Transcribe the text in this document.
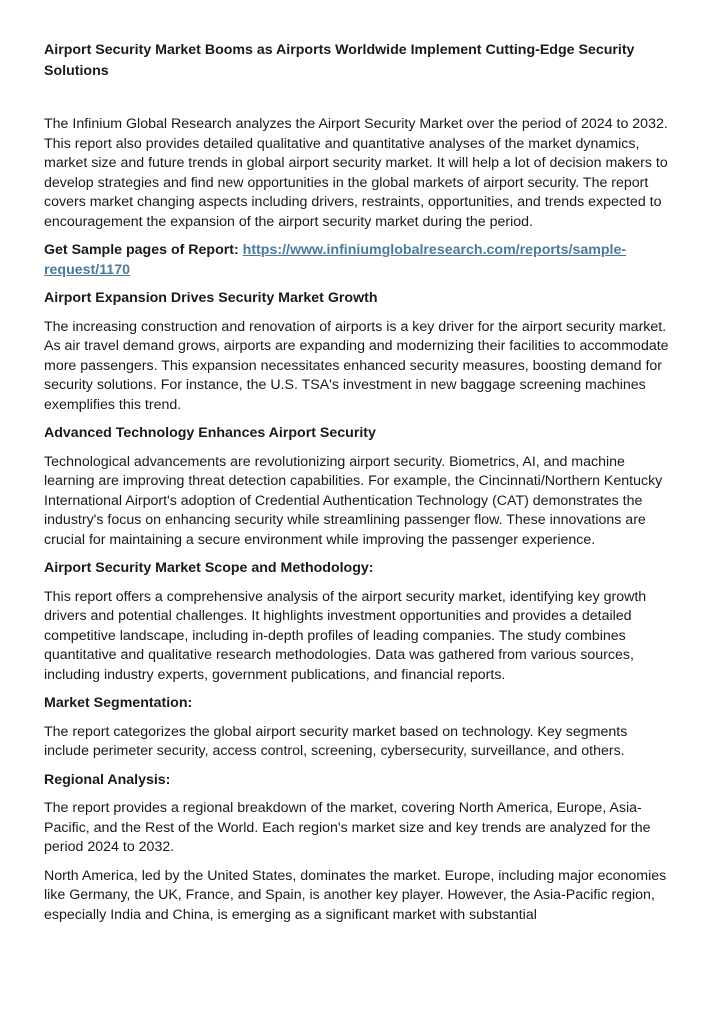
Airport Security Market Booms as Airports Worldwide Implement Cutting-Edge Security Solutions

The Infinium Global Research analyzes the Airport Security Market over the period of 2024 to 2032. This report also provides detailed qualitative and quantitative analyses of the market dynamics, market size and future trends in global airport security market. It will help a lot of decision makers to develop strategies and find new opportunities in the global markets of airport security. The report covers market changing aspects including drivers, restraints, opportunities, and trends expected to encouragement the expansion of the airport security market during the period.

Get Sample pages of Report: https://www.infiniumglobalresearch.com/reports/sample-request/1170

Airport Expansion Drives Security Market Growth

The increasing construction and renovation of airports is a key driver for the airport security market. As air travel demand grows, airports are expanding and modernizing their facilities to accommodate more passengers. This expansion necessitates enhanced security measures, boosting demand for security solutions. For instance, the U.S. TSA's investment in new baggage screening machines exemplifies this trend.

Advanced Technology Enhances Airport Security

Technological advancements are revolutionizing airport security. Biometrics, AI, and machine learning are improving threat detection capabilities. For example, the Cincinnati/Northern Kentucky International Airport's adoption of Credential Authentication Technology (CAT) demonstrates the industry's focus on enhancing security while streamlining passenger flow. These innovations are crucial for maintaining a secure environment while improving the passenger experience.

Airport Security Market Scope and Methodology:

This report offers a comprehensive analysis of the airport security market, identifying key growth drivers and potential challenges. It highlights investment opportunities and provides a detailed competitive landscape, including in-depth profiles of leading companies. The study combines quantitative and qualitative research methodologies. Data was gathered from various sources, including industry experts, government publications, and financial reports.

Market Segmentation:

The report categorizes the global airport security market based on technology. Key segments include perimeter security, access control, screening, cybersecurity, surveillance, and others.

Regional Analysis:

The report provides a regional breakdown of the market, covering North America, Europe, Asia-Pacific, and the Rest of the World. Each region's market size and key trends are analyzed for the period 2024 to 2032.

North America, led by the United States, dominates the market. Europe, including major economies like Germany, the UK, France, and Spain, is another key player. However, the Asia-Pacific region, especially India and China, is emerging as a significant market with substantial
